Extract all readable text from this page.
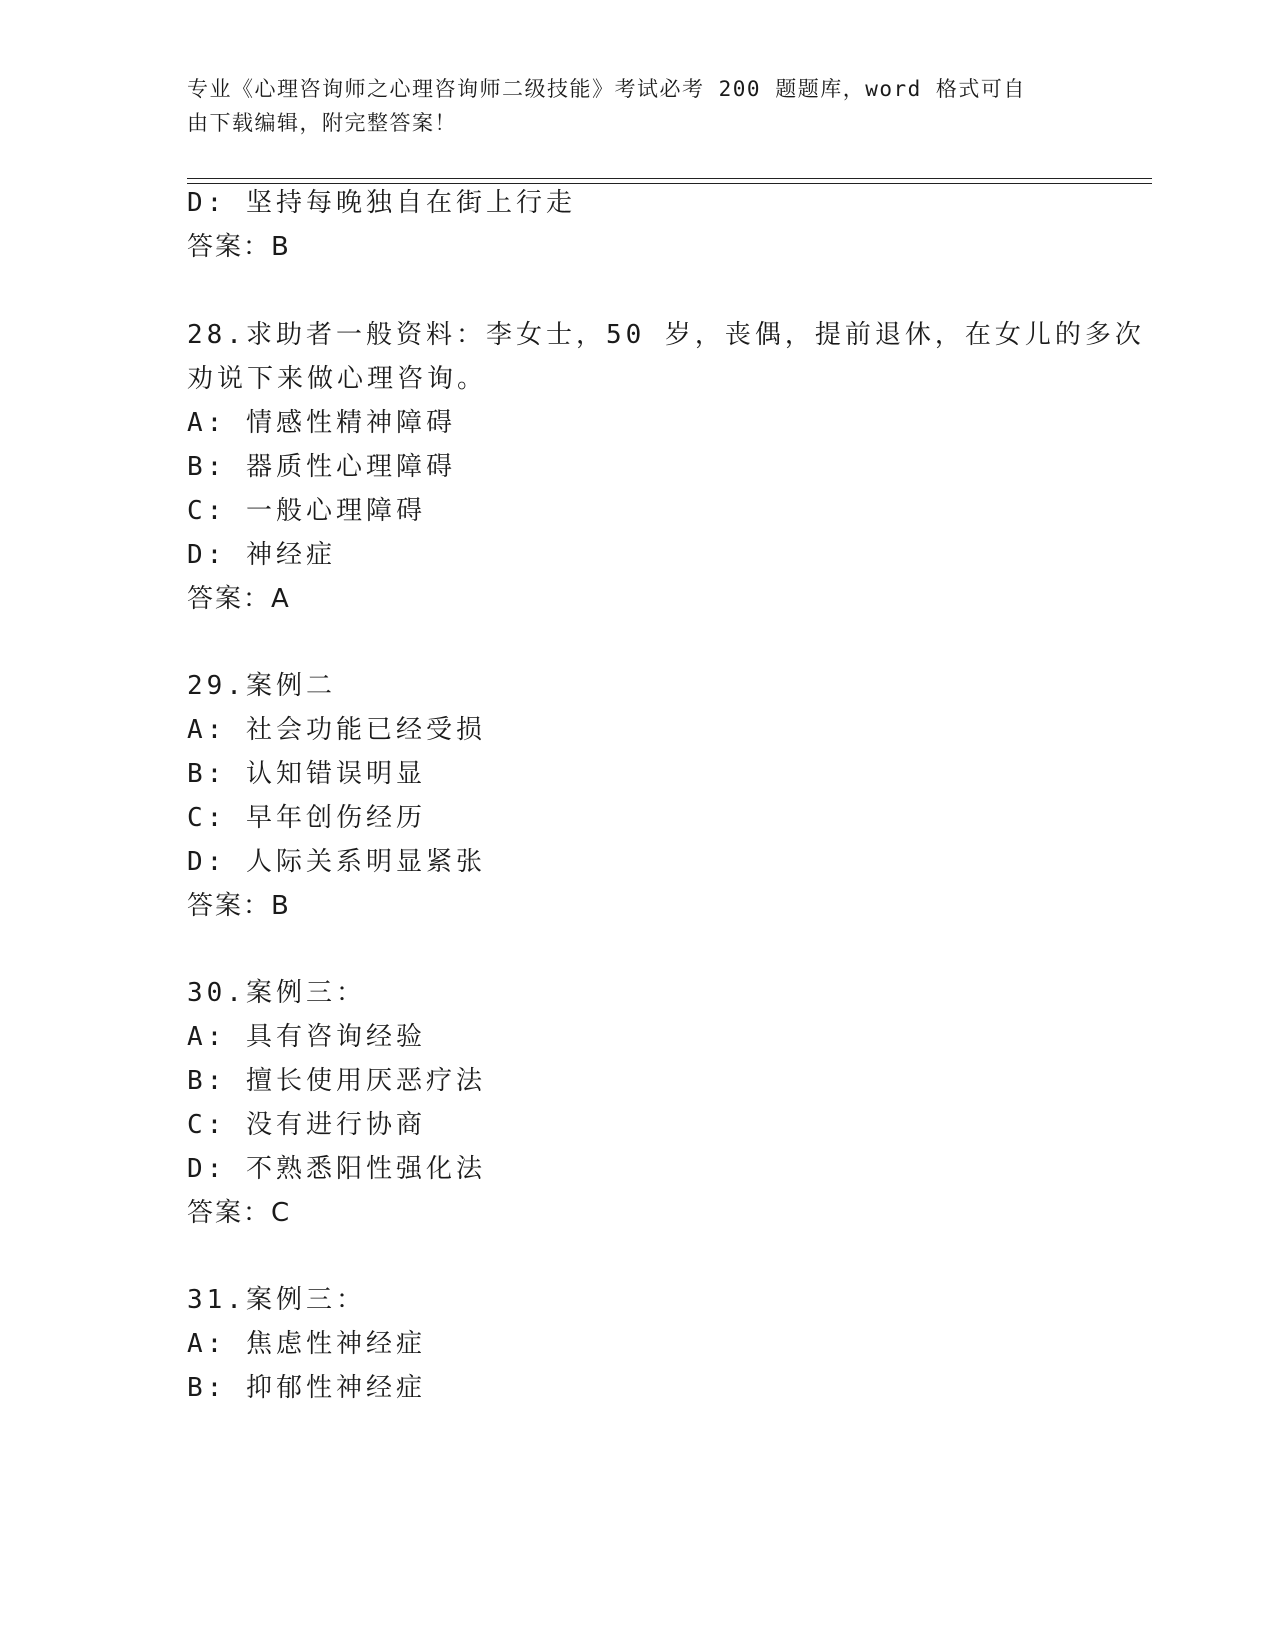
专业《心理咨询师之心理咨询师二级技能》考试必考 200 题题库，word 格式可自

由下载编辑，附完整答案！

D: 坚持每晚独自在街上行走
答案：B
28.求助者一般资料：李女士，50 岁，丧偶，提前退休，在女儿的多次
劝说下来做心理咨询。
A: 情感性精神障碍
B: 器质性心理障碍
C: 一般心理障碍
D: 神经症
答案：A
29.案例二
A: 社会功能已经受损
B: 认知错误明显
C: 早年创伤经历
D: 人际关系明显紧张
答案：B
30.案例三：
A: 具有咨询经验
B: 擅长使用厌恶疗法
C: 没有进行协商
D: 不熟悉阳性强化法
答案：C
31.案例三：
A: 焦虑性神经症
B: 抑郁性神经症
